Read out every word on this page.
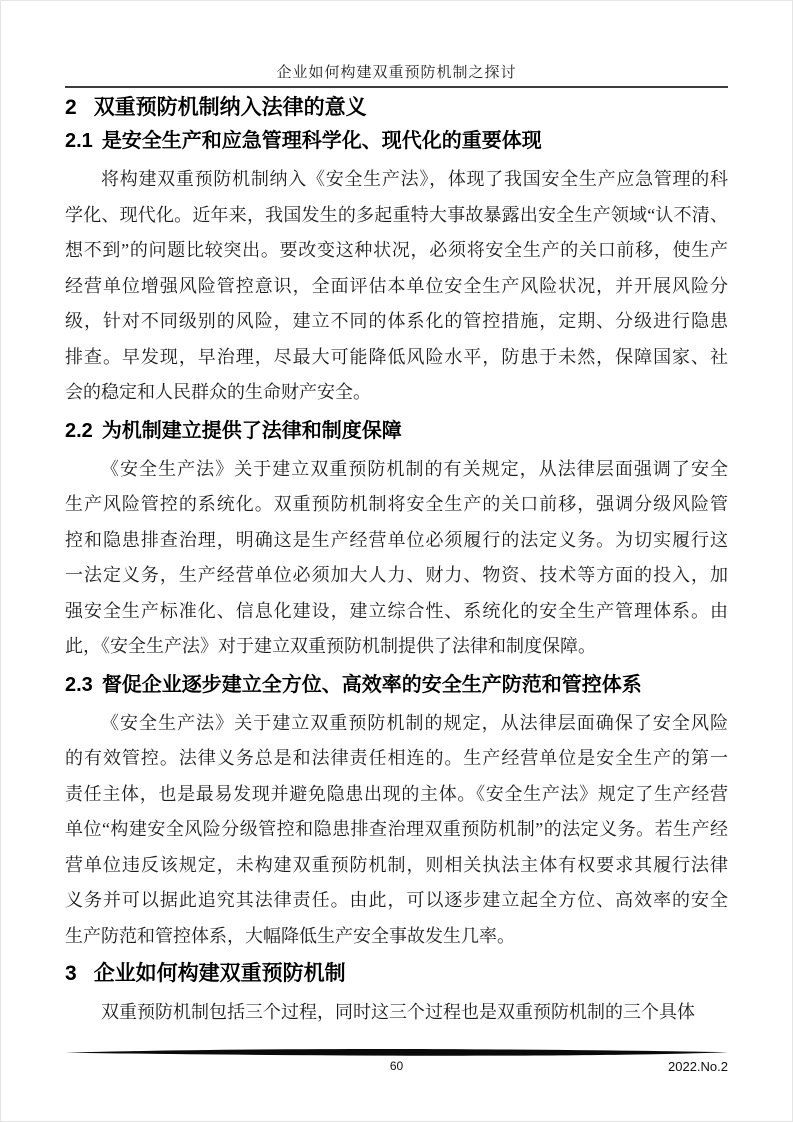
企业如何构建双重预防机制之探讨
2 双重预防机制纳入法律的意义
2.1 是安全生产和应急管理科学化、现代化的重要体现
将构建双重预防机制纳入《安全生产法》，体现了我国安全生产应急管理的科
学化、现代化。近年来，我国发生的多起重特大事故暴露出安全生产领域“认不清、
想不到”的问题比较突出。要改变这种状况，必须将安全生产的关口前移，使生产
经营单位增强风险管控意识，全面评估本单位安全生产风险状况，并开展风险分
级，针对不同级别的风险，建立不同的体系化的管控措施，定期、分级进行隐患
排查。早发现，早治理，尽最大可能降低风险水平，防患于未然，保障国家、社
会的稳定和人民群众的生命财产安全。
2.2 为机制建立提供了法律和制度保障
《安全生产法》关于建立双重预防机制的有关规定，从法律层面强调了安全
生产风险管控的系统化。双重预防机制将安全生产的关口前移，强调分级风险管
控和隐患排查治理，明确这是生产经营单位必须履行的法定义务。为切实履行这
一法定义务，生产经营单位必须加大人力、财力、物资、技术等方面的投入，加
强安全生产标准化、信息化建设，建立综合性、系统化的安全生产管理体系。由
此，《安全生产法》对于建立双重预防机制提供了法律和制度保障。
2.3 督促企业逐步建立全方位、高效率的安全生产防范和管控体系
《安全生产法》关于建立双重预防机制的规定，从法律层面确保了安全风险
的有效管控。法律义务总是和法律责任相连的。生产经营单位是安全生产的第一
责任主体，也是最易发现并避免隐患出现的主体。《安全生产法》规定了生产经营
单位“构建安全风险分级管控和隐患排查治理双重预防机制”的法定义务。若生产经
营单位违反该规定，未构建双重预防机制，则相关执法主体有权要求其履行法律
义务并可以据此追究其法律责任。由此，可以逐步建立起全方位、高效率的安全
生产防范和管控体系，大幅降低生产安全事故发生几率。
3 企业如何构建双重预防机制
双重预防机制包括三个过程，同时这三个过程也是双重预防机制的三个具体
60	2022.No.2
